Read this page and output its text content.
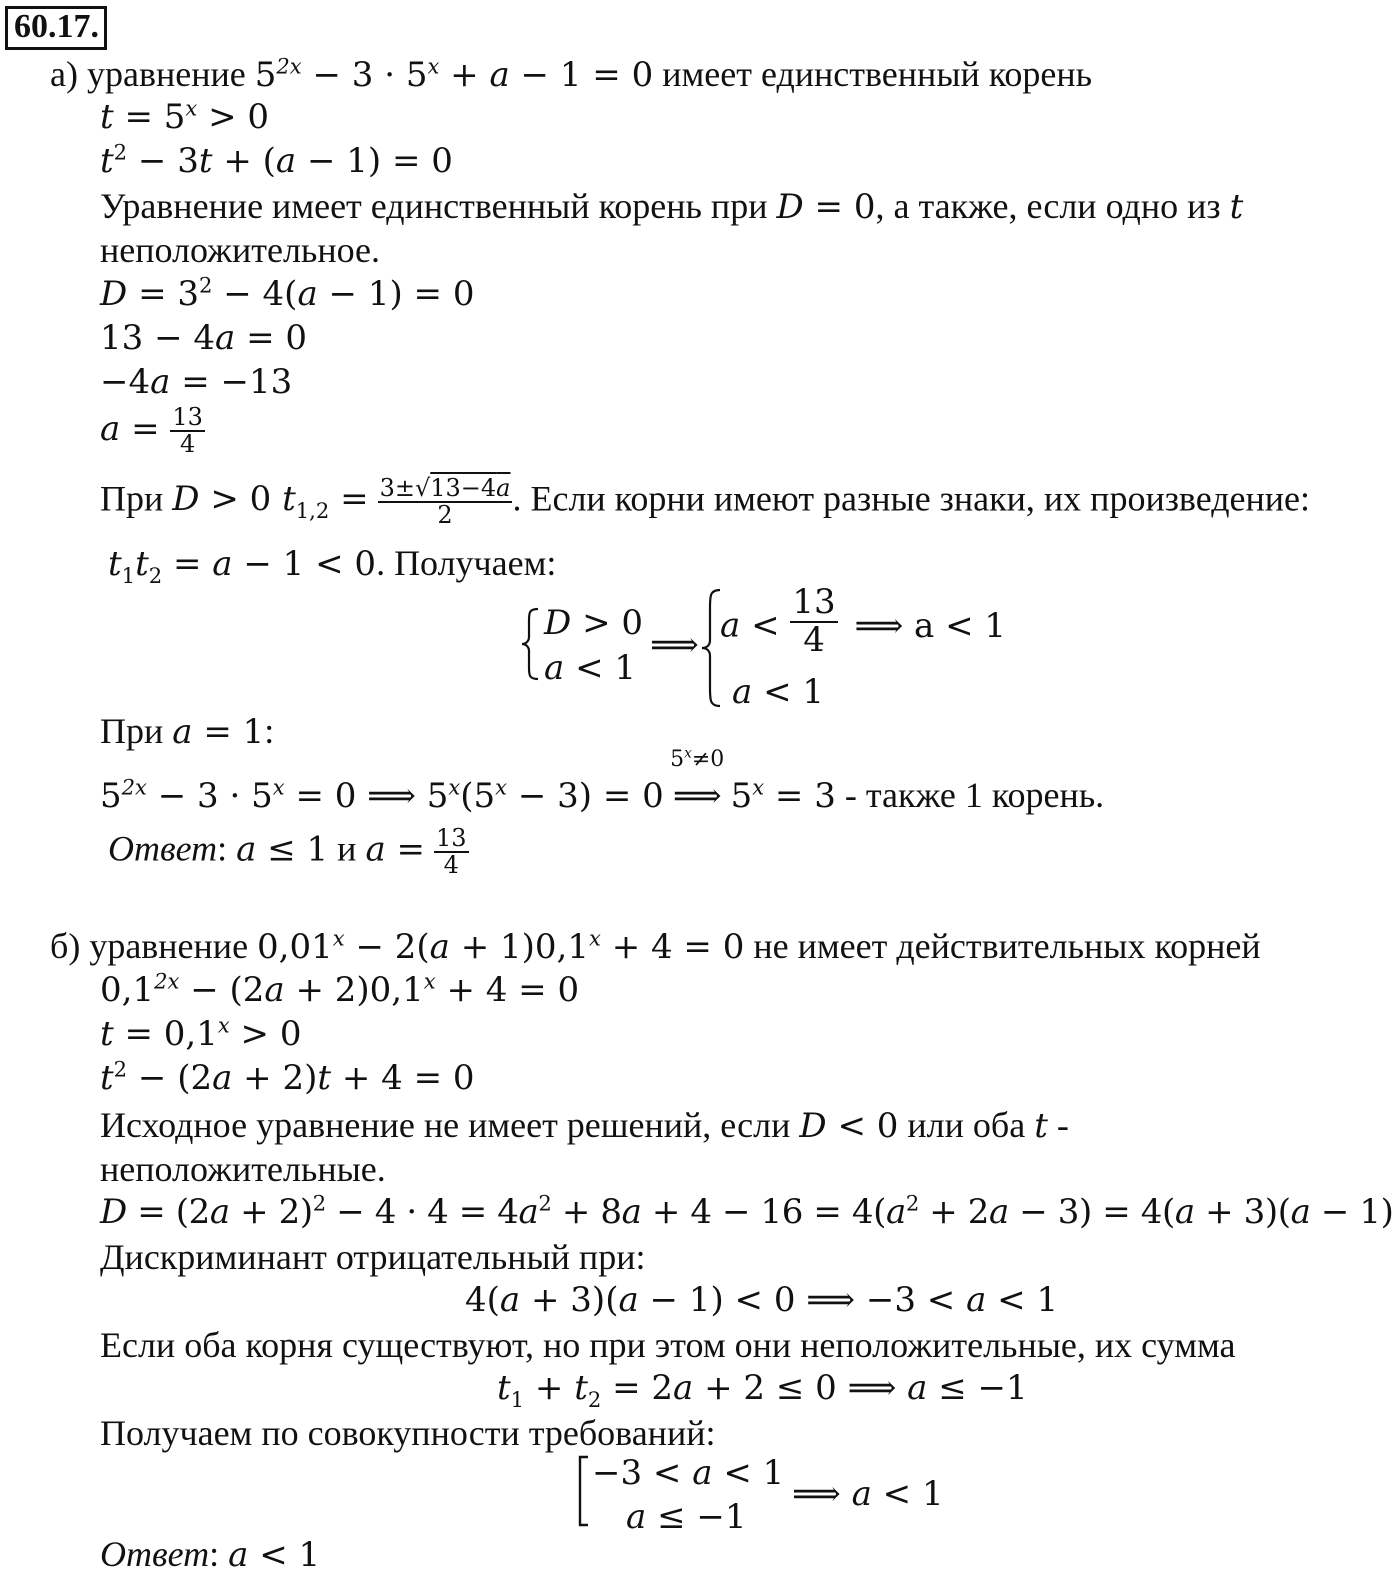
60.17.
а) уравнение $5^{2x} - 3 \cdot 5^x + a - 1 = 0$ имеет единственный корень
$t = 5^x > 0$
$t^2 - 3t + (a - 1) = 0$
Уравнение имеет единственный корень при D = 0, а также, если одно из t
неположительное.
$D = 3^2 - 4(a - 1) = 0$
13 − 4a = 0
−4a = −13
$a = \frac{13}{4}$
При D > 0 $t_{1,2} = \frac{3\pm√13-4a}{2}$ . Если корни имеют разные знаки, их произведение:
$t_1t_2 = a - 1 < 0$. Получаем:
D > 0
a < 1
⟹ $a < \frac{13}{4}$ ⟹ a < 1
a < 1
При a = 1:
$5^{2x} - 3 \cdot 5^x = 0$ ⟹ $5^x(5^x - 3) = 0$
$5^x\ne 0$
⟹ $5^x = 3$ - также 1 корень.
Ответ: a ≤ 1 и $a = \frac{13}{4}$
б) уравнение $0,01^x - 2(a + 1)0,1^x + 4 = 0$ не имеет действительных корней
$0,1^{2x} - (2a + 2)0,1^x + 4 = 0$
$t = 0,1^x > 0$
$t^2 - (2a + 2)t + 4 = 0$
Исходное уравнение не имеет решений, если D < 0 или оба t -
неположительные.
$D = (2a + 2)^2 - 4 \cdot 4 = 4a^2 + 8a + 4 - 16 = 4(a^2 + 2a - 3) = 4(a + 3)(a - 1)$
Дискриминант отрицательный при:
4(a + 3)(a − 1) < 0 ⟹ −3 < a < 1
Если оба корня существуют, но при этом они неположительные, их сумма
$t_1 + t_2 = 2a + 2 \le 0$ ⟹ a ≤ −1
Получаем по совокупности требований:
−3 < a < 1
a ≤ −1
⟹ a < 1
Ответ: a < 1
